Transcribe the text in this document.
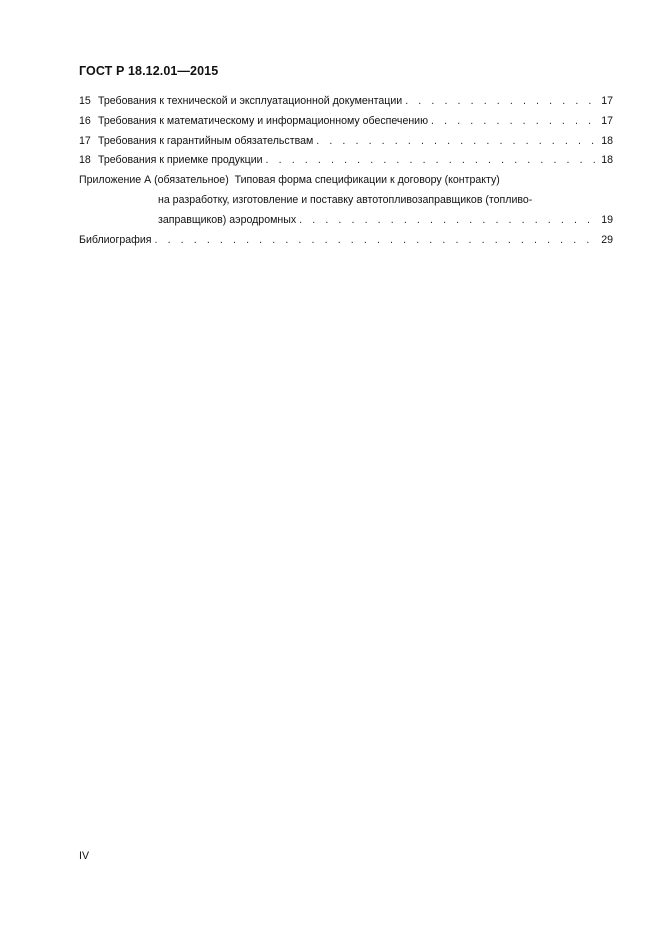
ГОСТ Р 18.12.01—2015
15 Требования к технической и эксплуатационной документации . . .	17
16 Требования к математическому и информационному обеспечению . . .	17
17 Требования к гарантийным обязательствам . . .	18
18 Требования к приемке продукции . . .	18
Приложение А (обязательное) Типовая форма спецификации к договору (контракту)
на разработку, изготовление и поставку автотопливозаправщиков (топливо-
заправщиков) аэродромных . . .	19
Библиография . . .	29
IV
